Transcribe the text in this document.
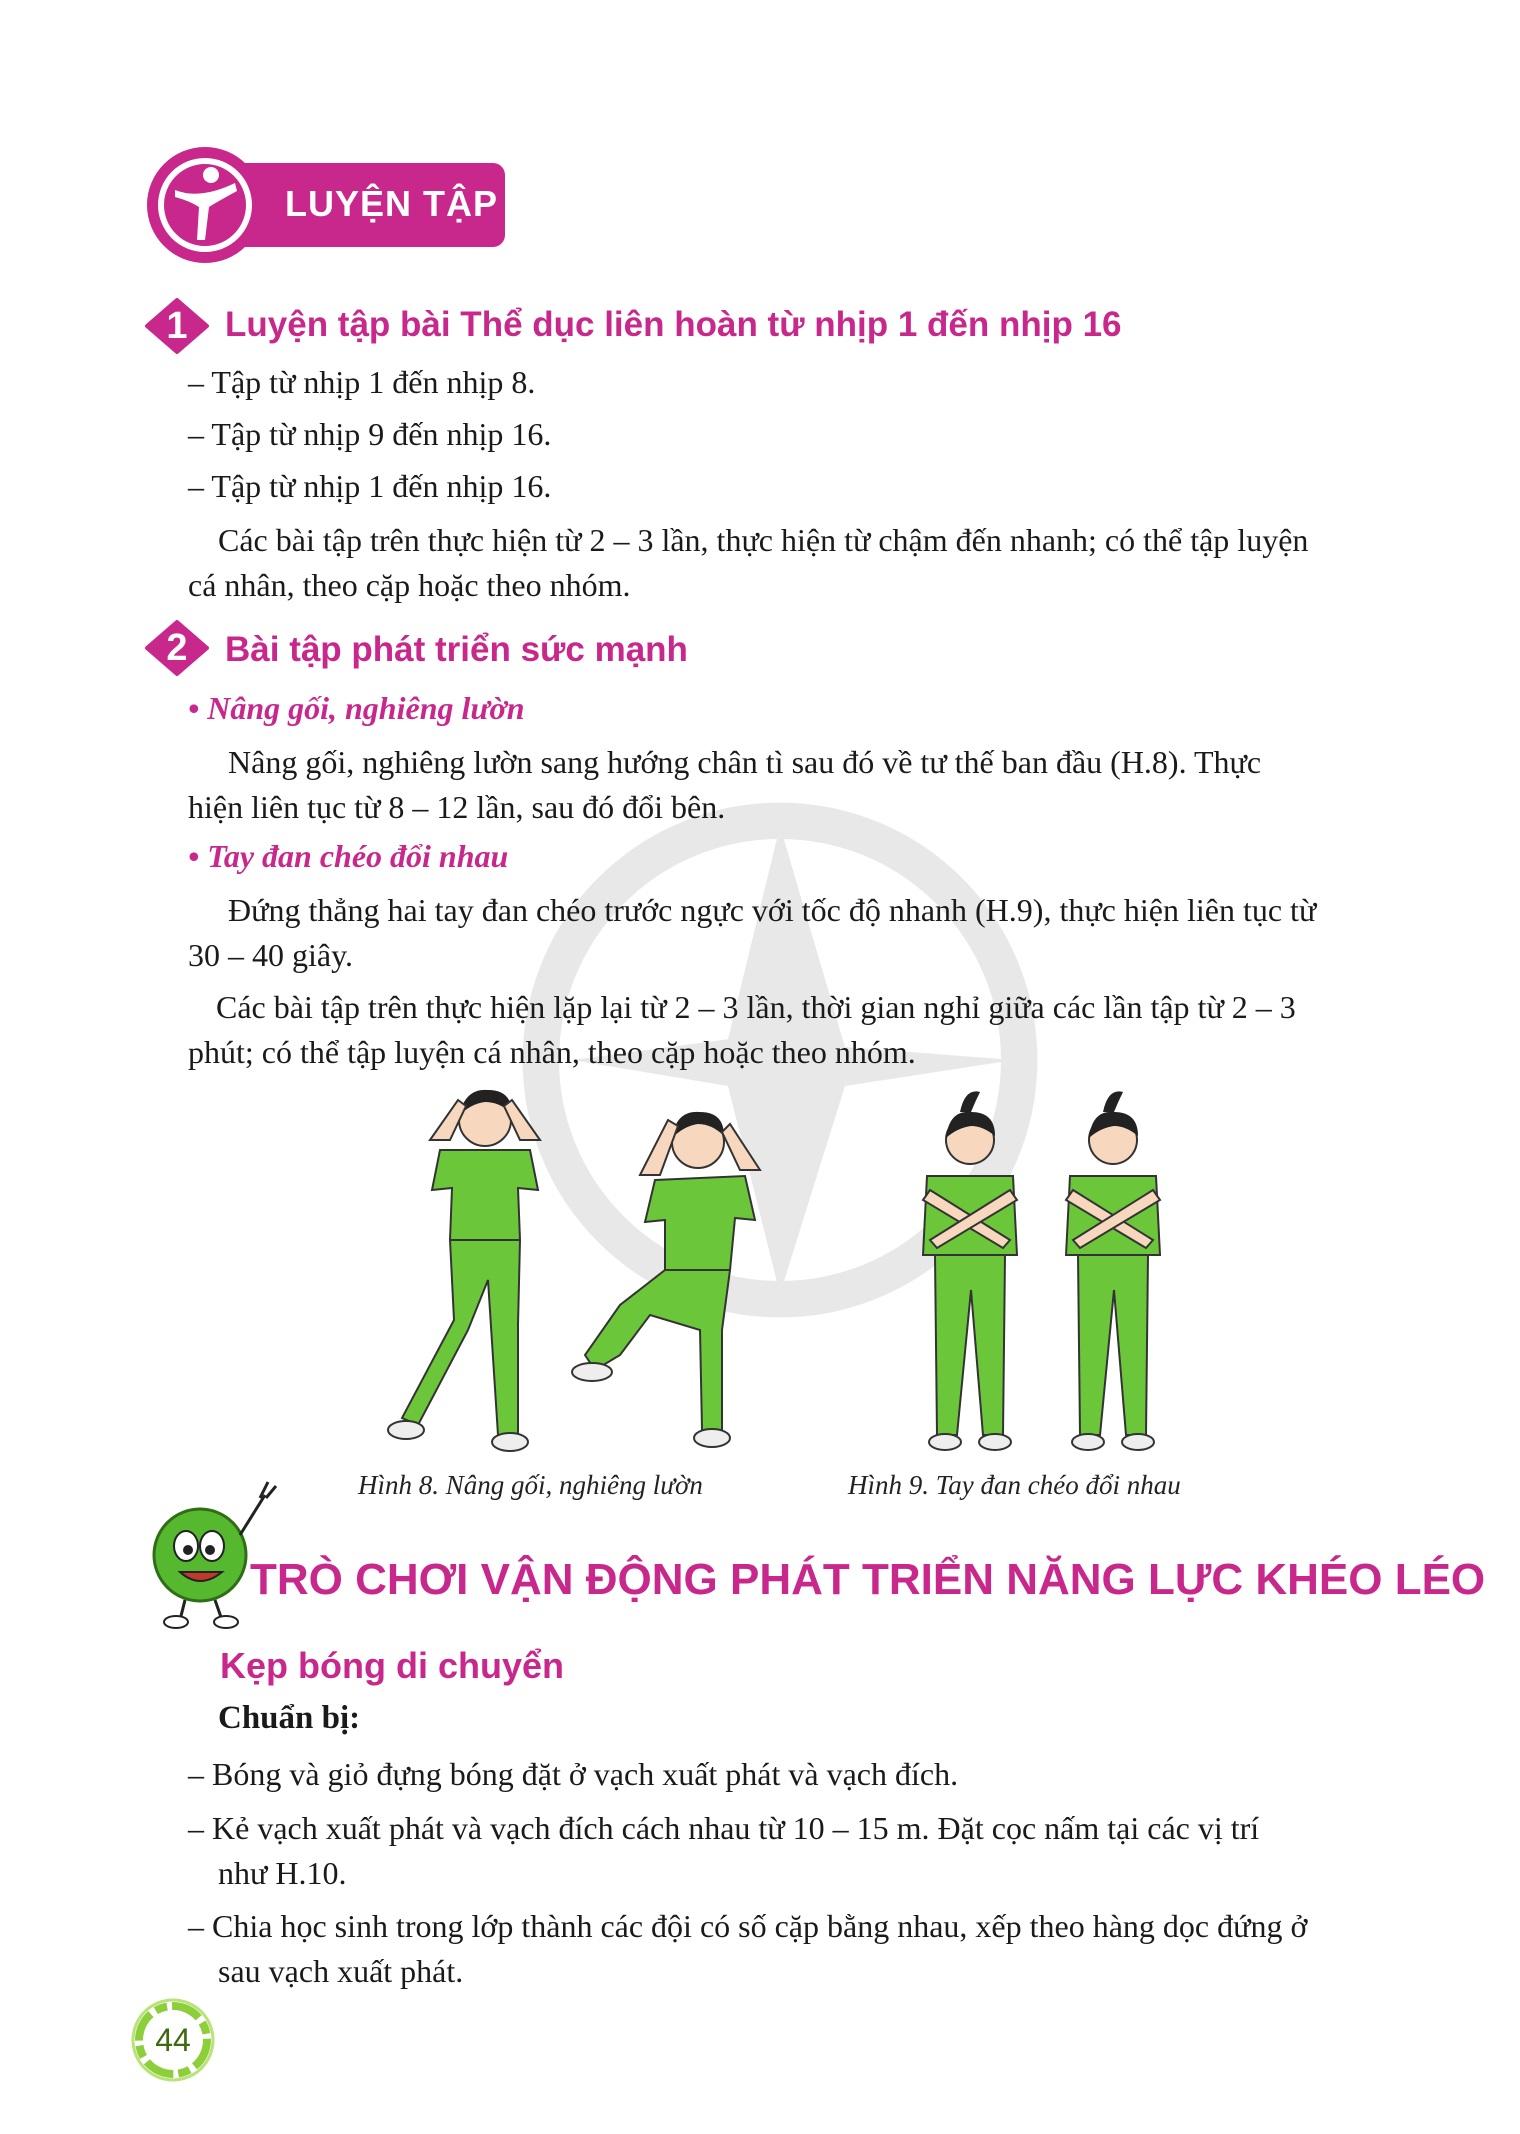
LUYỆN TẬP
1	Luyện tập bài Thể dục liên hoàn từ nhịp 1 đến nhịp 16
– Tập từ nhịp 1 đến nhịp 8.
– Tập từ nhịp 9 đến nhịp 16.
– Tập từ nhịp 1 đến nhịp 16.
Các bài tập trên thực hiện từ 2 – 3 lần, thực hiện từ chậm đến nhanh; có thể tập luyện
cá nhân, theo cặp hoặc theo nhóm.
2	Bài tập phát triển sức mạnh
• Nâng gối, nghiêng lườn
Nâng gối, nghiêng lườn sang hướng chân tì sau đó về tư thế ban đầu (H.8). Thực
hiện liên tục từ 8 – 12 lần, sau đó đổi bên.
• Tay đan chéo đổi nhau
Đứng thẳng hai tay đan chéo trước ngực với tốc độ nhanh (H.9), thực hiện liên tục từ
30 – 40 giây.
Các bài tập trên thực hiện lặp lại từ 2 – 3 lần, thời gian nghỉ giữa các lần tập từ 2 – 3
phút; có thể tập luyện cá nhân, theo cặp hoặc theo nhóm.
Hình 8. Nâng gối, nghiêng lườn	Hình 9. Tay đan chéo đổi nhau
TRÒ CHƠI VẬN ĐỘNG PHÁT TRIỂN NĂNG LỰC KHÉO LÉO
Kẹp bóng di chuyển
Chuẩn bị:
– Bóng và giỏ đựng bóng đặt ở vạch xuất phát và vạch đích.
– Kẻ vạch xuất phát và vạch đích cách nhau từ 10 – 15 m. Đặt cọc nấm tại các vị trí
như H.10.
– Chia học sinh trong lớp thành các đội có số cặp bằng nhau, xếp theo hàng dọc đứng ở
sau vạch xuất phát.
44
